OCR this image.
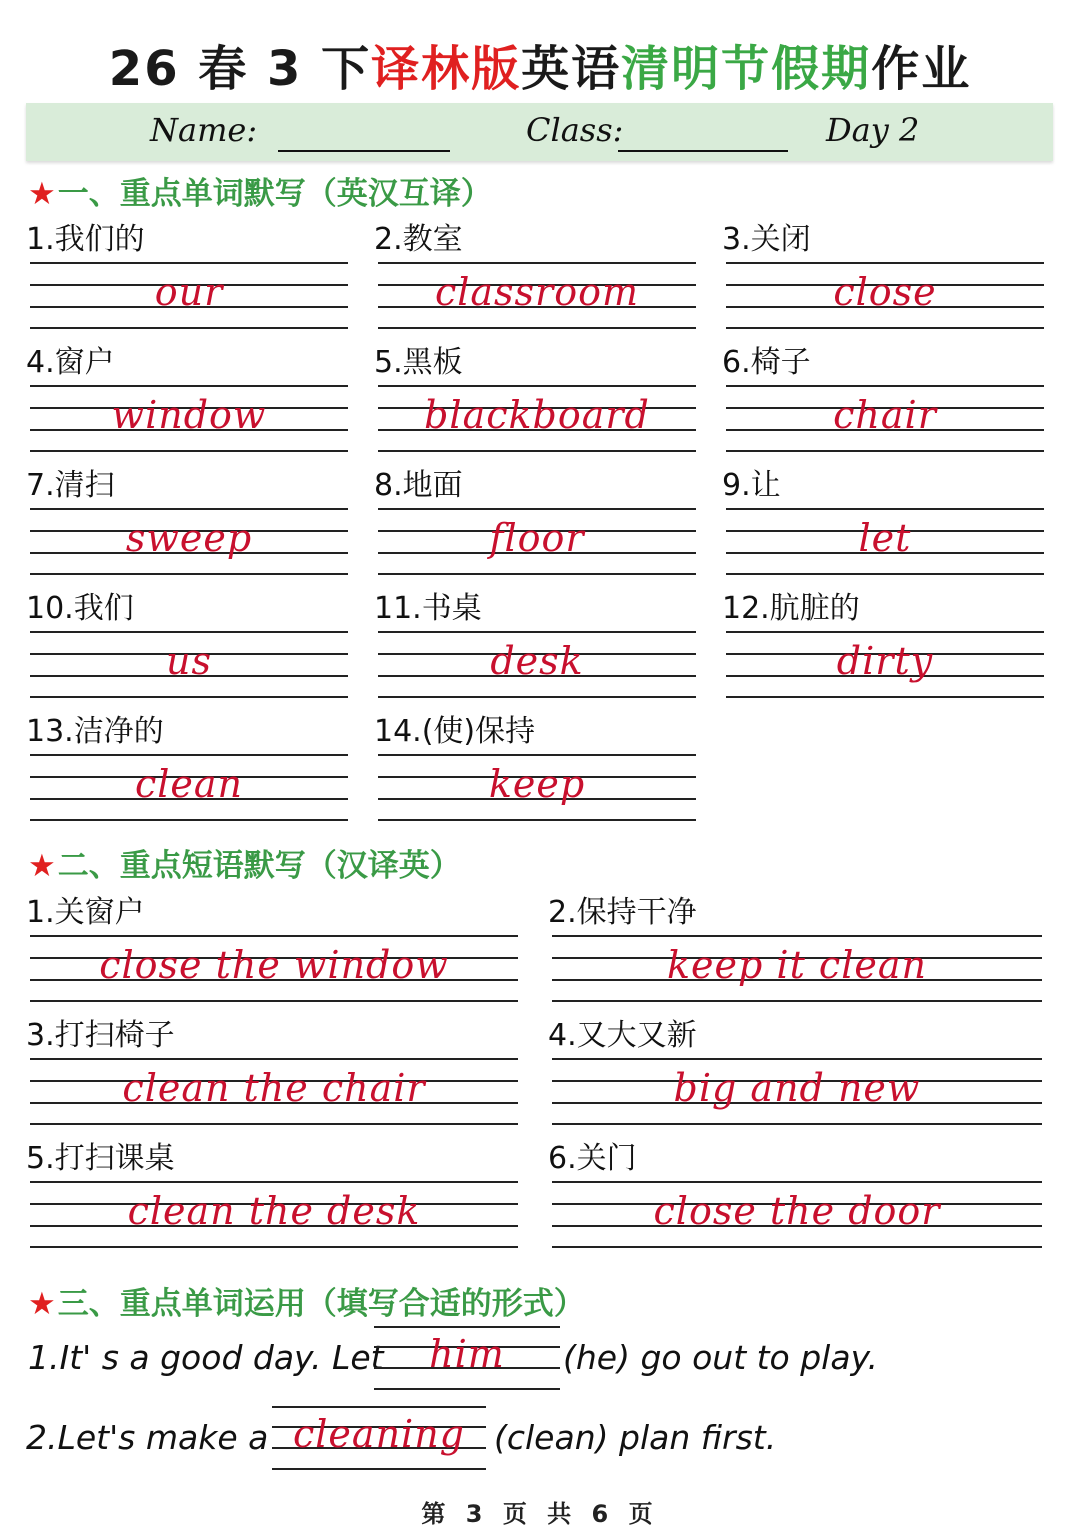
26 春 3 下译林版英语清明节假期作业
Name:	Class:	Day 2
★一、重点单词默写（英汉互译）
1.我们的
our
2.教室
classroom
3.关闭
close
4.窗户
window
5.黑板
blackboard
6.椅子
chair
7.清扫
sweep
8.地面
floor
9.让
let
10.我们
us
11.书桌
desk
12.肮脏的
dirty
13.洁净的
clean
14.(使)保持
keep
★二、重点短语默写（汉译英）
1.关窗户
close the window
2.保持干净
keep it clean
3.打扫椅子
clean the chair
4.又大又新
big and new
5.打扫课桌
clean the desk
6.关门
close the door
★三、重点单词运用（填写合适的形式）
1.It' s a good day. Let	him	(he) go out to play.
2.Let's make a cleaning (clean) plan first.
第 3 页 共 6 页
